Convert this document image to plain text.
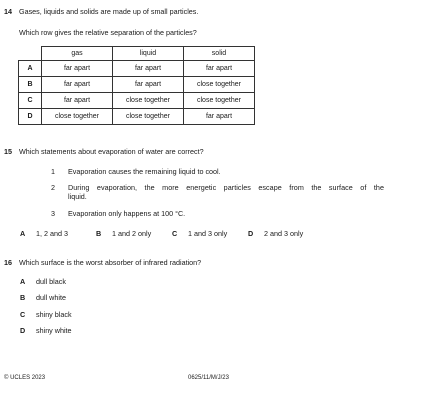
14 Gases, liquids and solids are made up of small particles.
Which row gives the relative separation of the particles?
	gas	liquid	solid
A	far apart	far apart	far apart
B	far apart	far apart	close together
C	far apart	close together	close together
D	close together	close together	far apart
15 Which statements about evaporation of water are correct?
1 Evaporation causes the remaining liquid to cool.
2 During evaporation, the more energetic particles escape from the surface of the
liquid.
3 Evaporation only happens at 100 °C.
A 1, 2 and 3	B 1 and 2 only	C 1 and 3 only	D 2 and 3 only
16 Which surface is the worst absorber of infrared radiation?
A dull black
B dull white
C shiny black
D shiny white
© UCLES 2023	0625/11/M/J/23
